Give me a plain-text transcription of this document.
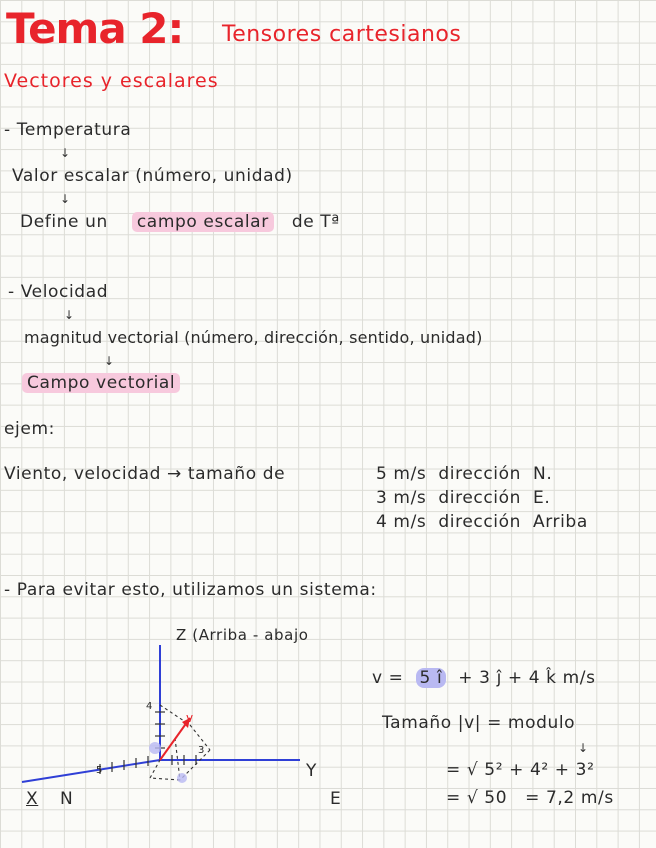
Tema 2: Tensores cartesianos
Vectores y escalares
- Temperatura
↓
Valor escalar (número, unidad)
↓
Define un campo escalar de Tª
- Velocidad
↓
magnitud vectorial (número, dirección, sentido, unidad)
↓
Campo vectorial
ejem:
Viento, velocidad → tamaño de	5 m/s dirección N.
3 m/s dirección E.
4 m/s dirección Arriba
- Para evitar esto, utilizamos un sistema:
4
5
3
v
Z (Arriba - abajo
X N
Y
E
v = 5 î + 3 ĵ + 4 k̂ m/s
Tamaño |v| = modulo
↓
= √ 5² + 4² + 3²
= √ 50 = 7,2 m/s
